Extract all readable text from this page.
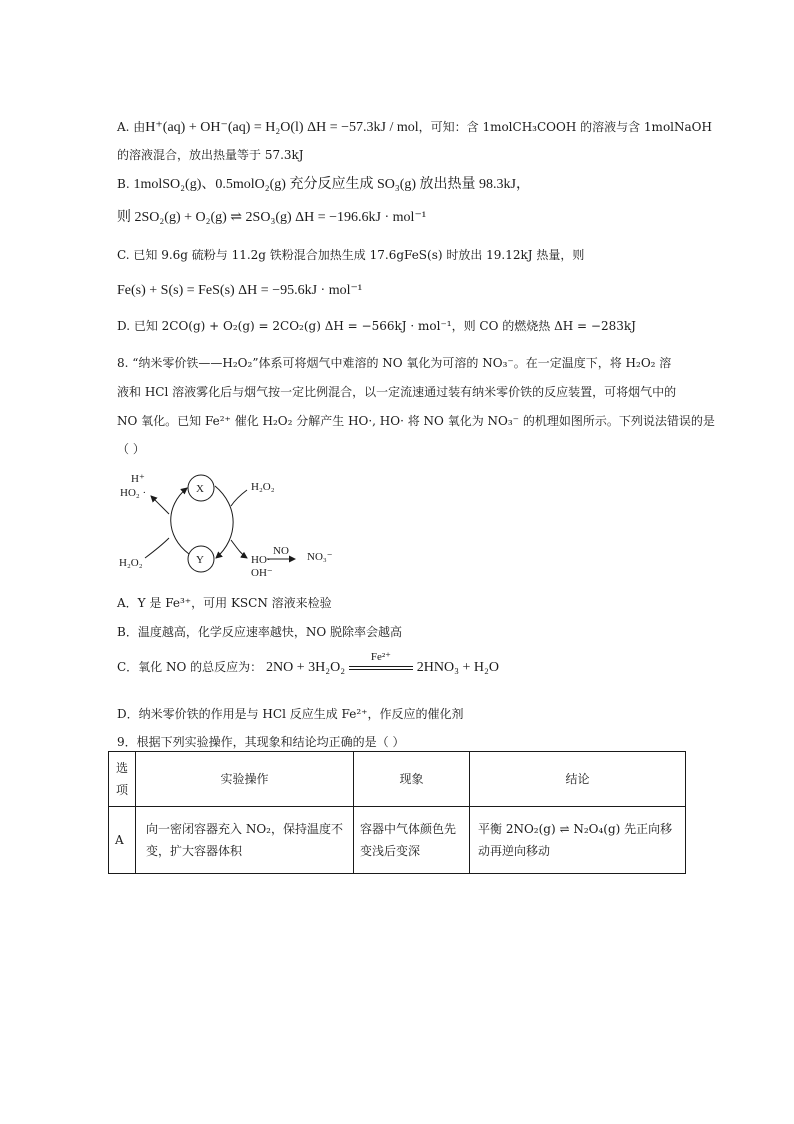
A. 由H⁺(aq) + OH⁻(aq) = H₂O(l) ΔH = −57.3kJ / mol，可知：含 1molCH₃COOH 的溶液与含 1molNaOH
的溶液混合，放出热量等于 57.3kJ
B. 1molSO₂(g)、0.5molO₂(g) 充分反应生成 SO₃(g) 放出热量 98.3kJ，
则 2SO₂(g) + O₂(g) ⇌ 2SO₃(g) ΔH = −196.6kJ · mol⁻¹
C. 已知 9.6g 硫粉与 11.2g 铁粉混合加热生成 17.6gFeS(s) 时放出 19.12kJ 热量，则
Fe(s) + S(s) = FeS(s) ΔH = −95.6kJ · mol⁻¹
D. 已知 2CO(g) + O₂(g) = 2CO₂(g) ΔH = −566kJ · mol⁻¹，则 CO 的燃烧热 ΔH = −283kJ
8. “纳米零价铁——H₂O₂”体系可将烟气中难溶的 NO 氧化为可溶的 NO₃⁻。在一定温度下，将 H₂O₂ 溶
液和 HCl 溶液雾化后与烟气按一定比例混合，以一定流速通过装有纳米零价铁的反应装置，可将烟气中的
NO 氧化。已知 Fe²⁺ 催化 H₂O₂ 分解产生 HO·, HO· 将 NO 氧化为 NO₃⁻ 的机理如图所示。下列说法错误的是
（ ）
X
Y
H⁺
HO₂ ·
H₂O₂
H₂O₂
HO·
OH⁻
NO NO₃⁻
A．Y 是 Fe³⁺，可用 KSCN 溶液来检验
B．温度越高，化学反应速率越快，NO 脱除率会越高
C．氧化 NO 的总反应为： 2NO + 3H₂O₂
Fe²⁺
2HNO₃ + H₂O
D．纳米零价铁的作用是与 HCl 反应生成 Fe²⁺，作反应的催化剂
9．根据下列实验操作，其现象和结论均正确的是（ ）
选项	实验操作	现象	结论
A	向一密闭容器充入 NO₂，保持温度不变，扩大容器体积	容器中气体颜色先变浅后变深	平衡 2NO₂(g) ⇌ N₂O₄(g) 先正向移动再逆向移动
